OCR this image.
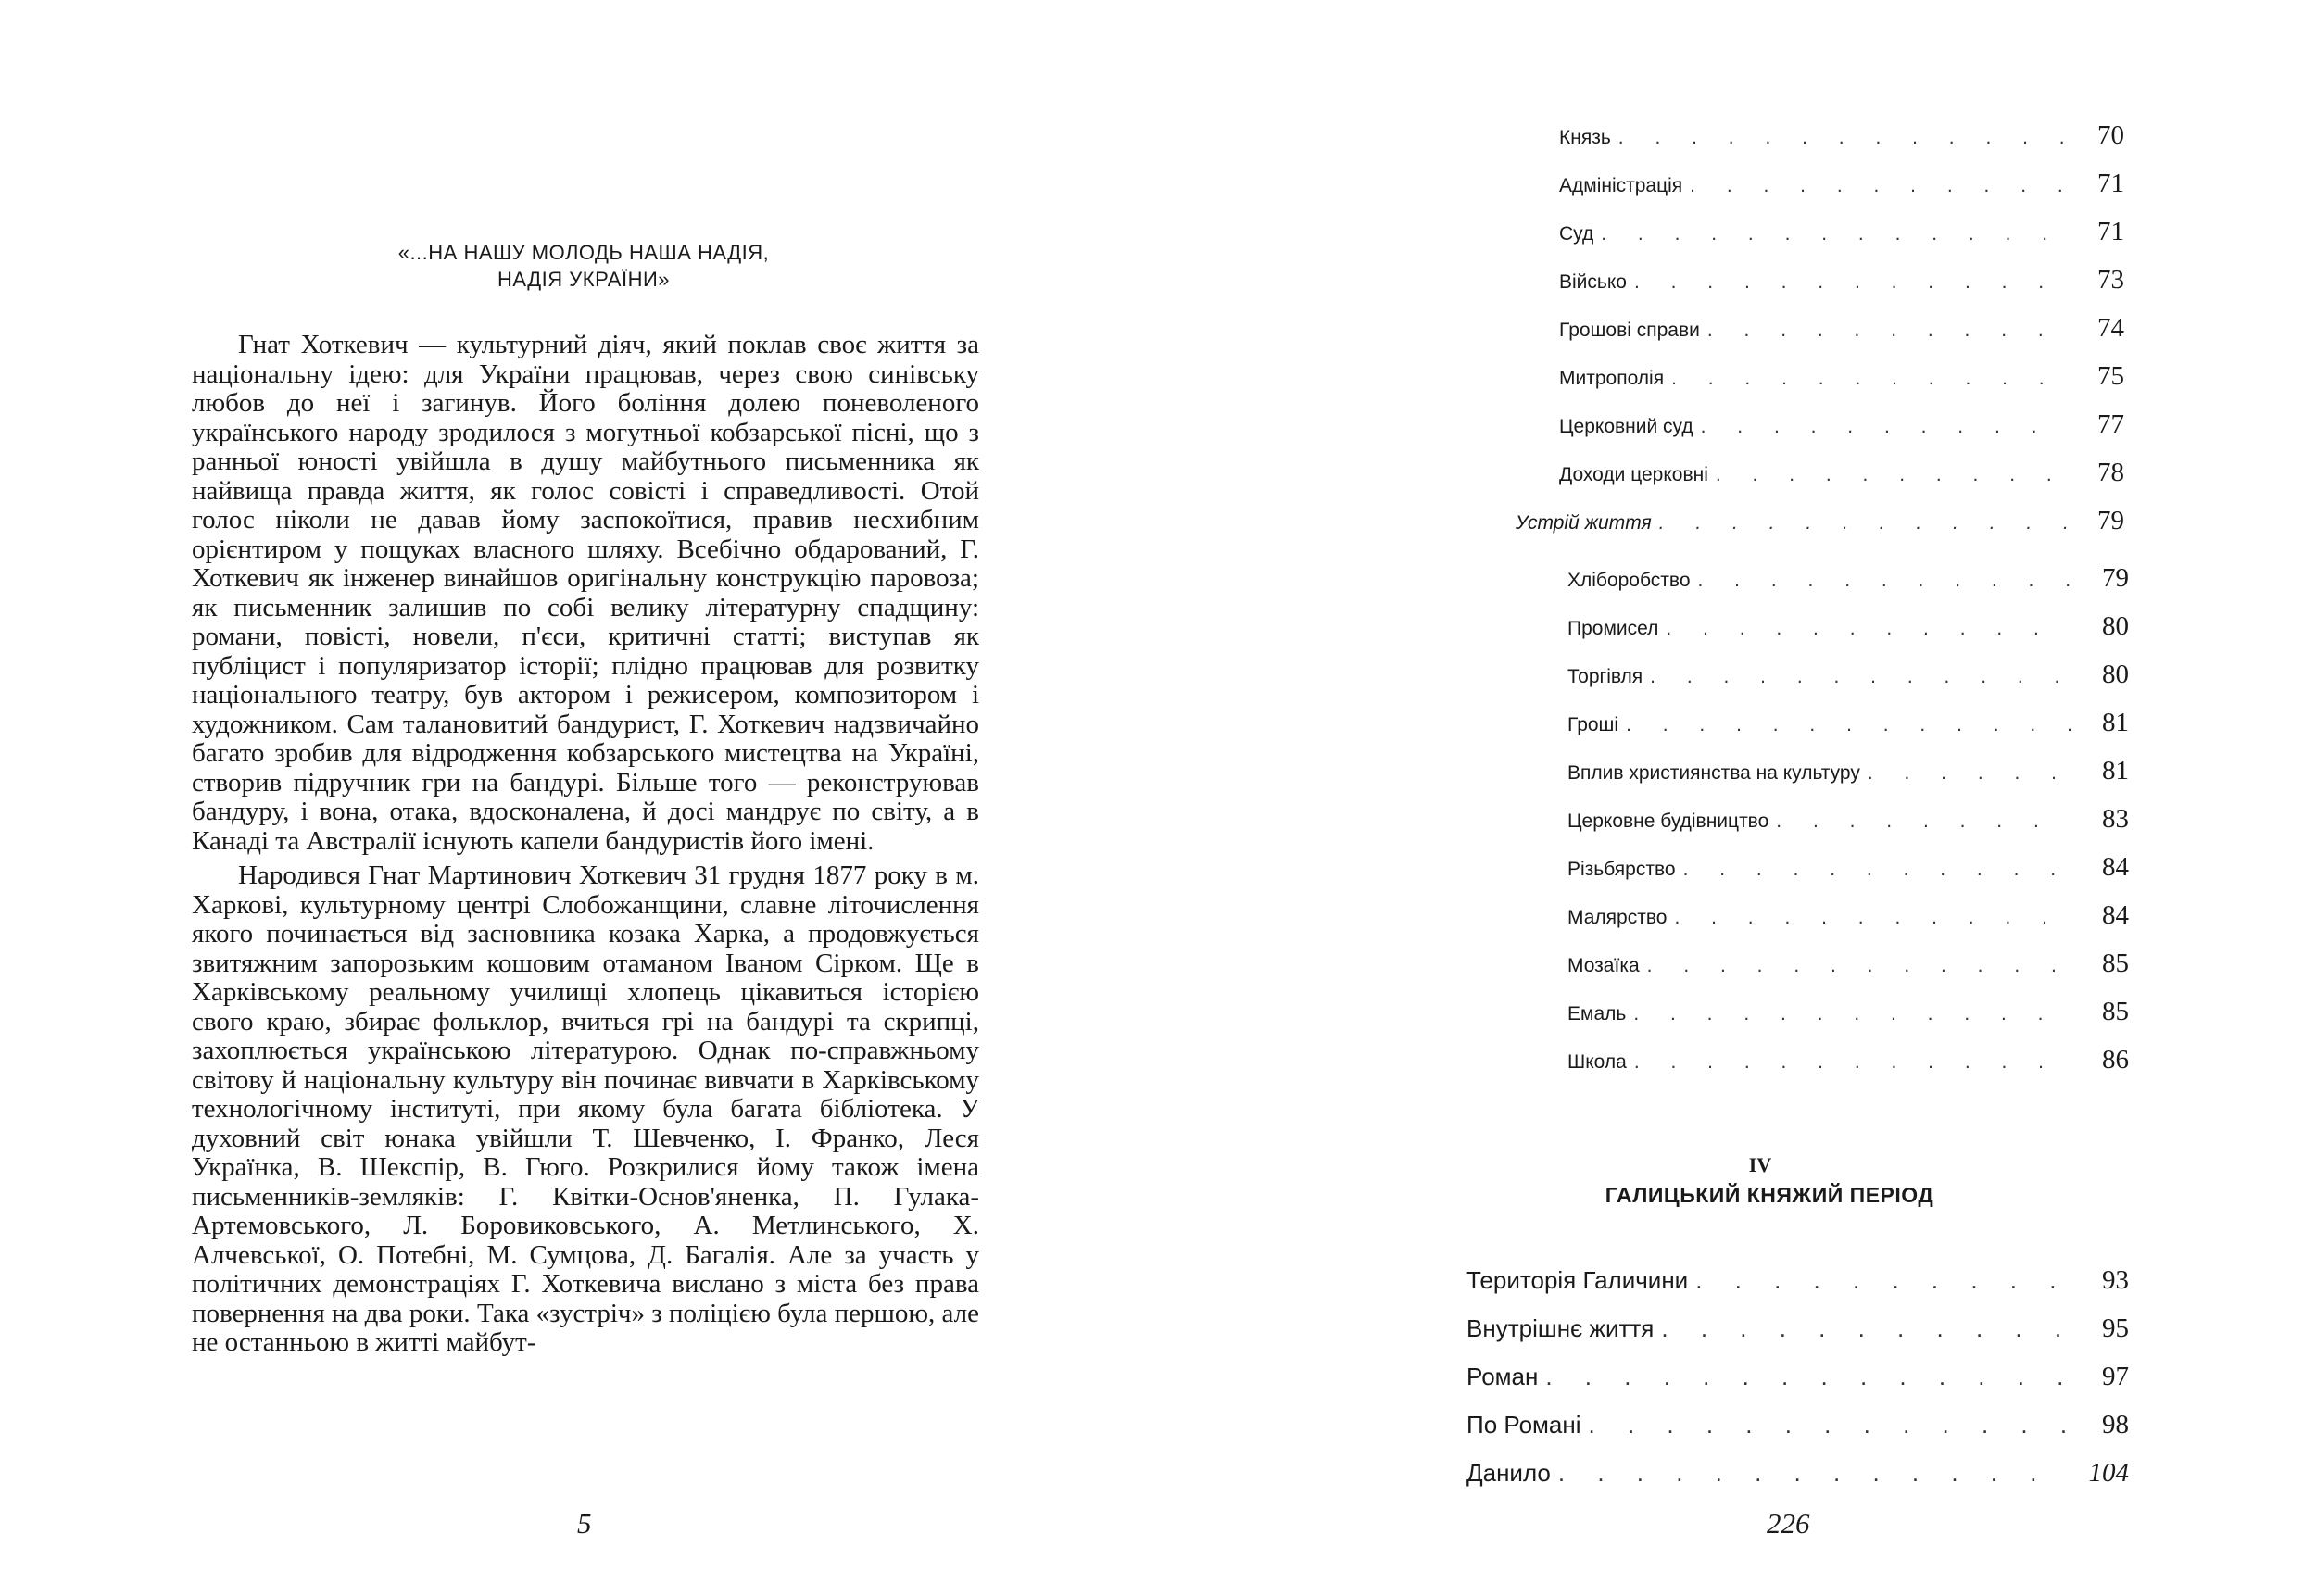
«...НА НАШУ МОЛОДЬ НАША НАДІЯ,
НАДІЯ УКРАЇНИ»

Гнат Хоткевич — культурний діяч, який поклав своє життя за національну ідею: для України працював, через свою синівську любов до неї і загинув. Його боління долею поневоленого українського народу зродилося з могутньої кобзарської пісні, що з ранньої юності увійшла в душу майбутнього письменника як найвища правда життя, як голос совісті і справедливості. Отой голос ніколи не давав йому заспокоїтися, правив несхибним орієнтиром у пощуках власного шляху. Всебічно обдарований, Г. Хоткевич як інженер винайшов оригінальну конструкцію паровоза; як письменник залишив по собі велику літературну спадщину: романи, повісті, новели, п'єси, критичні статті; виступав як публіцист і популяризатор історії; плідно працював для розвитку національного театру, був актором і режисером, композитором і художником. Сам талановитий бандурист, Г. Хоткевич надзвичайно багато зробив для відродження кобзарського мистецтва на Україні, створив підручник гри на бандурі. Більше того — реконструював бандуру, і вона, отака, вдосконалена, й досі мандрує по світу, а в Канаді та Австралії існують капели бандуристів його імені.

Народився Гнат Мартинович Хоткевич 31 грудня 1877 року в м. Харкові, культурному центрі Слобожанщини, славне літочислення якого починається від засновника козака Харка, а продовжується звитяжним запорозьким кошовим отаманом Іваном Сірком. Ще в Харківському реальному училищі хлопець цікавиться історією свого краю, збирає фольклор, вчиться грі на бандурі та скрипці, захоплюється українською літературою. Однак по-справжньому світову й національну культуру він починає вивчати в Харківському технологічному інституті, при якому була багата бібліотека. У духовний світ юнака увійшли Т. Шевченко, І. Франко, Леся Українка, В. Шекспір, В. Гюго. Розкрилися йому також імена письменників-земляків: Г. Квітки-Основ'яненка, П. Гулака-Артемовського, Л. Боровиковського, А. Метлинського, Х. Алчевської, О. Потебні, М. Сумцова, Д. Багалія. Але за участь у політичних демонстраціях Г. Хоткевича вислано з міста без права повернення на два роки. Така «зустріч» з поліцією була першою, але не останньою в житті майбут-

5	226
Князь . . .	70
Адміністрація . . .	71
Суд . . .	71
Військо . . .	73
Грошові справи . . .	74
Митрополія . . .	75
Церковний суд . . .	77
Доходи церковні . . .	78
Устрій життя . . .	79
Хліборобство . . .	79
Промисел . . .	80
Торгівля . . .	80
Гроші . . .	81
Вплив християнства на культуру . . .	81
Церковне будівництво . . .	83
Різьбярство . . .	84
Малярство . . .	84
Мозаїка . . .	85
Емаль . . .	85
Школа . . .	86
IV
ГАЛИЦЬКИЙ КНЯЖИЙ ПЕРІОД
Територія Галичини . . .	93
Внутрішнє життя . . .	95
Роман . . .	97
По Романі . . .	98
Данило . . .	104
